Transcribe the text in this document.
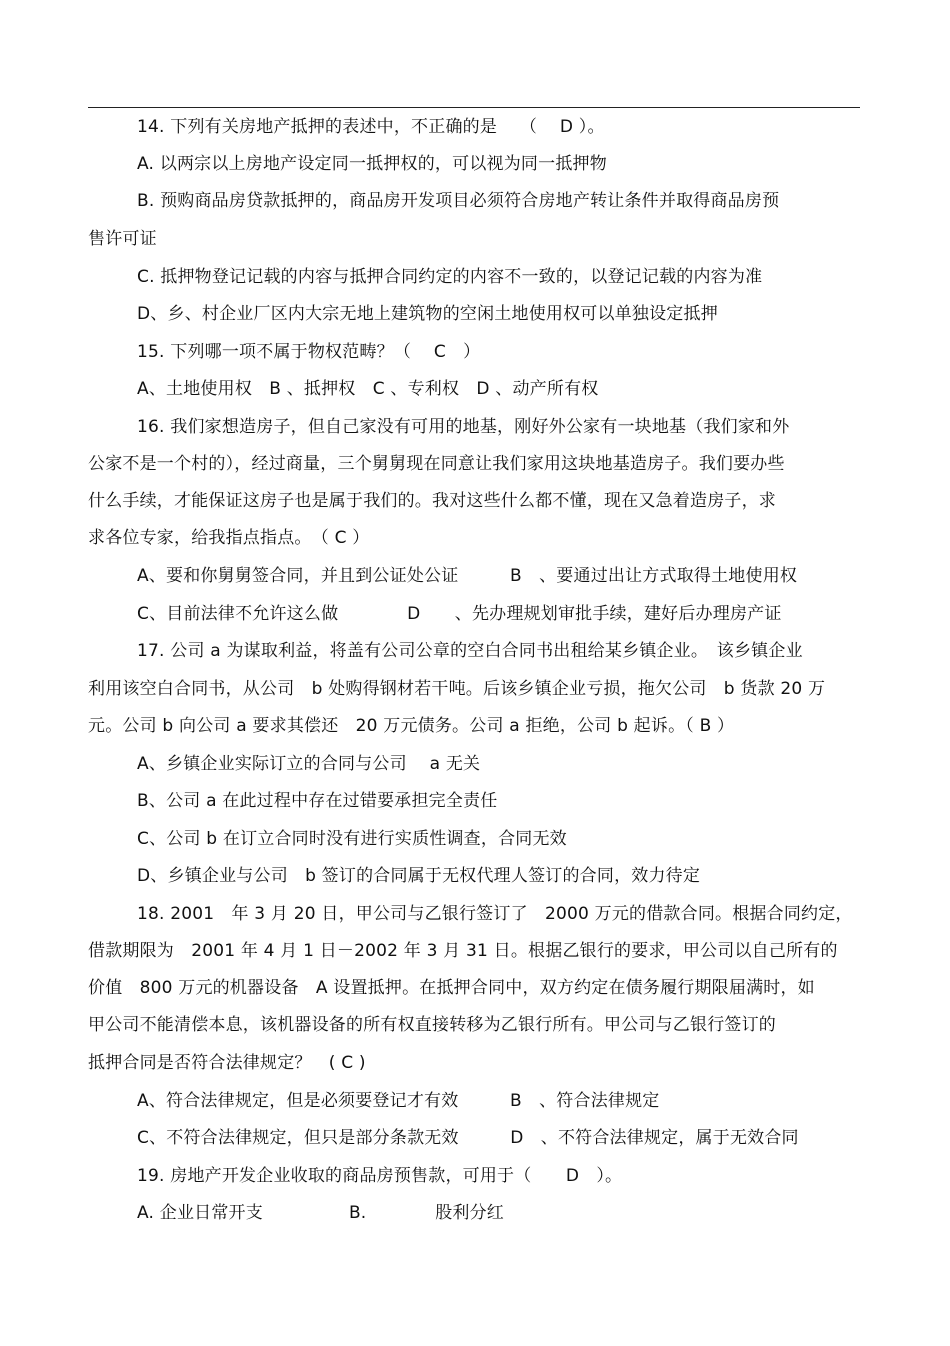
14. 下列有关房地产抵押的表述中，不正确的是　 （　 D ）。
A. 以两宗以上房地产设定同一抵押权的，可以视为同一抵押物
B. 预购商品房贷款抵押的，商品房开发项目必须符合房地产转让条件并取得商品房预
售许可证
C. 抵押物登记记载的内容与抵押合同约定的内容不一致的，以登记记载的内容为准
D、乡、村企业厂区内大宗无地上建筑物的空闲土地使用权可以单独设定抵押
15. 下列哪一项不属于物权范畴？（　 C　）
A、土地使用权　B 、抵押权　C 、专利权　D 、动产所有权
16. 我们家想造房子，但自己家没有可用的地基，刚好外公家有一块地基（我们家和外
公家不是一个村的），经过商量，三个舅舅现在同意让我们家用这块地基造房子。我们要办些
什么手续，才能保证这房子也是属于我们的。我对这些什么都不懂，现在又急着造房子，求
求各位专家，给我指点指点。　（ C ）
A、要和你舅舅签合同，并且到公证处公证　　　B　、要通过出让方式取得土地使用权
C、目前法律不允许这么做　　　　D　　、先办理规划审批手续，建好后办理房产证
17. 公司 a 为谋取利益，将盖有公司公章的空白合同书出租给某乡镇企业。　该乡镇企业
利用该空白合同书，从公司　b 处购得钢材若干吨。后该乡镇企业亏损，拖欠公司　b 货款 20 万
元。公司 b 向公司 a 要求其偿还　20 万元债务。公司 a 拒绝，公司 b 起诉。（ B ）
A、乡镇企业实际订立的合同与公司　 a 无关
B、公司 a 在此过程中存在过错要承担完全责任
C、公司 b 在订立合同时没有进行实质性调查，合同无效
D、乡镇企业与公司　b 签订的合同属于无权代理人签订的合同，效力待定
18. 2001　年 3 月 20 日，甲公司与乙银行签订了　2000 万元的借款合同。根据合同约定，
借款期限为　2001 年 4 月 1 日－2002 年 3 月 31 日。根据乙银行的要求，甲公司以自己所有的
价值　800 万元的机器设备　A 设置抵押。在抵押合同中，双方约定在债务履行期限届满时，如
甲公司不能清偿本息，该机器设备的所有权直接转移为乙银行所有。甲公司与乙银行签订的
抵押合同是否符合法律规定？　( C )
A、符合法律规定，但是必须要登记才有效　　　B　、符合法律规定
C、不符合法律规定，但只是部分条款无效　　　D　、不符合法律规定，属于无效合同
19. 房地产开发企业收取的商品房预售款，可用于（　　D　）。
A. 企业日常开支　　　　　B.　　　　股利分红
